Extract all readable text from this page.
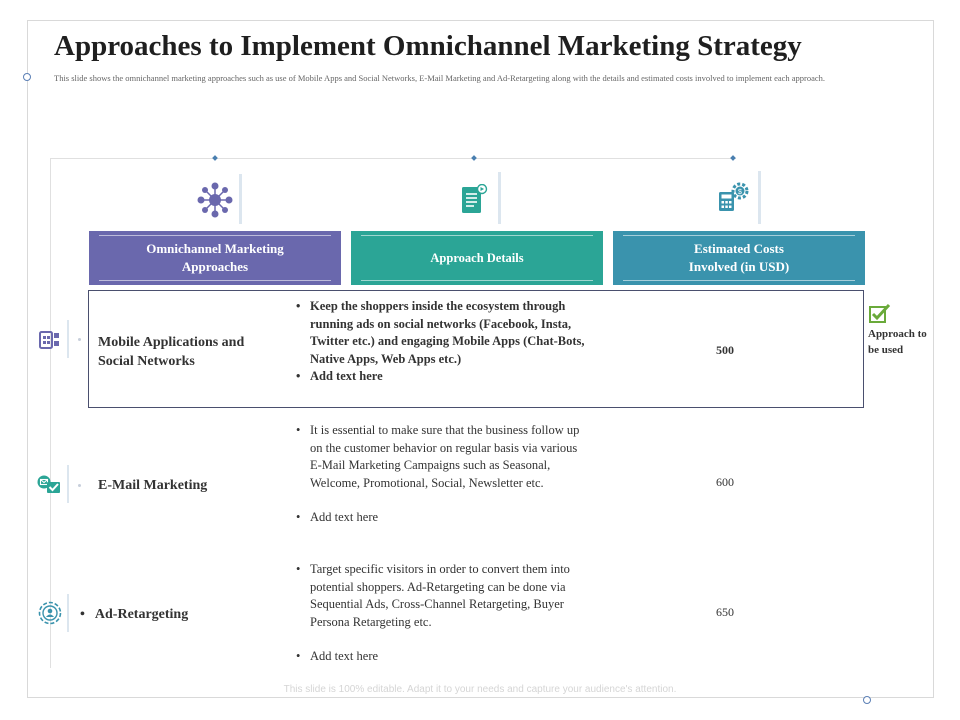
Approaches to Implement Omnichannel Marketing Strategy
This slide shows the omnichannel marketing approaches such as use of Mobile Apps and Social Networks, E-Mail Marketing and Ad-Retargeting along with the details and estimated costs involved to implement each approach.
$
Omnichannel Marketing Approaches
Approach Details
Estimated Costs Involved (in USD)
Mobile Applications and Social Networks
• Keep the shoppers inside the ecosystem through running ads on social networks (Facebook, Insta, Twitter etc.) and engaging Mobile Apps (Chat-Bots, Native Apps, Web Apps etc.)
• Add text here
500
Approach to be used
E-Mail Marketing
• It is essential to make sure that the business follow up on the customer behavior on regular basis via various E-Mail Marketing Campaigns such as Seasonal, Welcome, Promotional, Social, Newsletter etc.
• Add text here
600
• Ad-Retargeting
• Target specific visitors in order to convert them into potential shoppers. Ad-Retargeting can be done via Sequential Ads, Cross-Channel Retargeting, Buyer Persona Retargeting etc.
• Add text here
650
This slide is 100% editable. Adapt it to your needs and capture your audience's attention.
